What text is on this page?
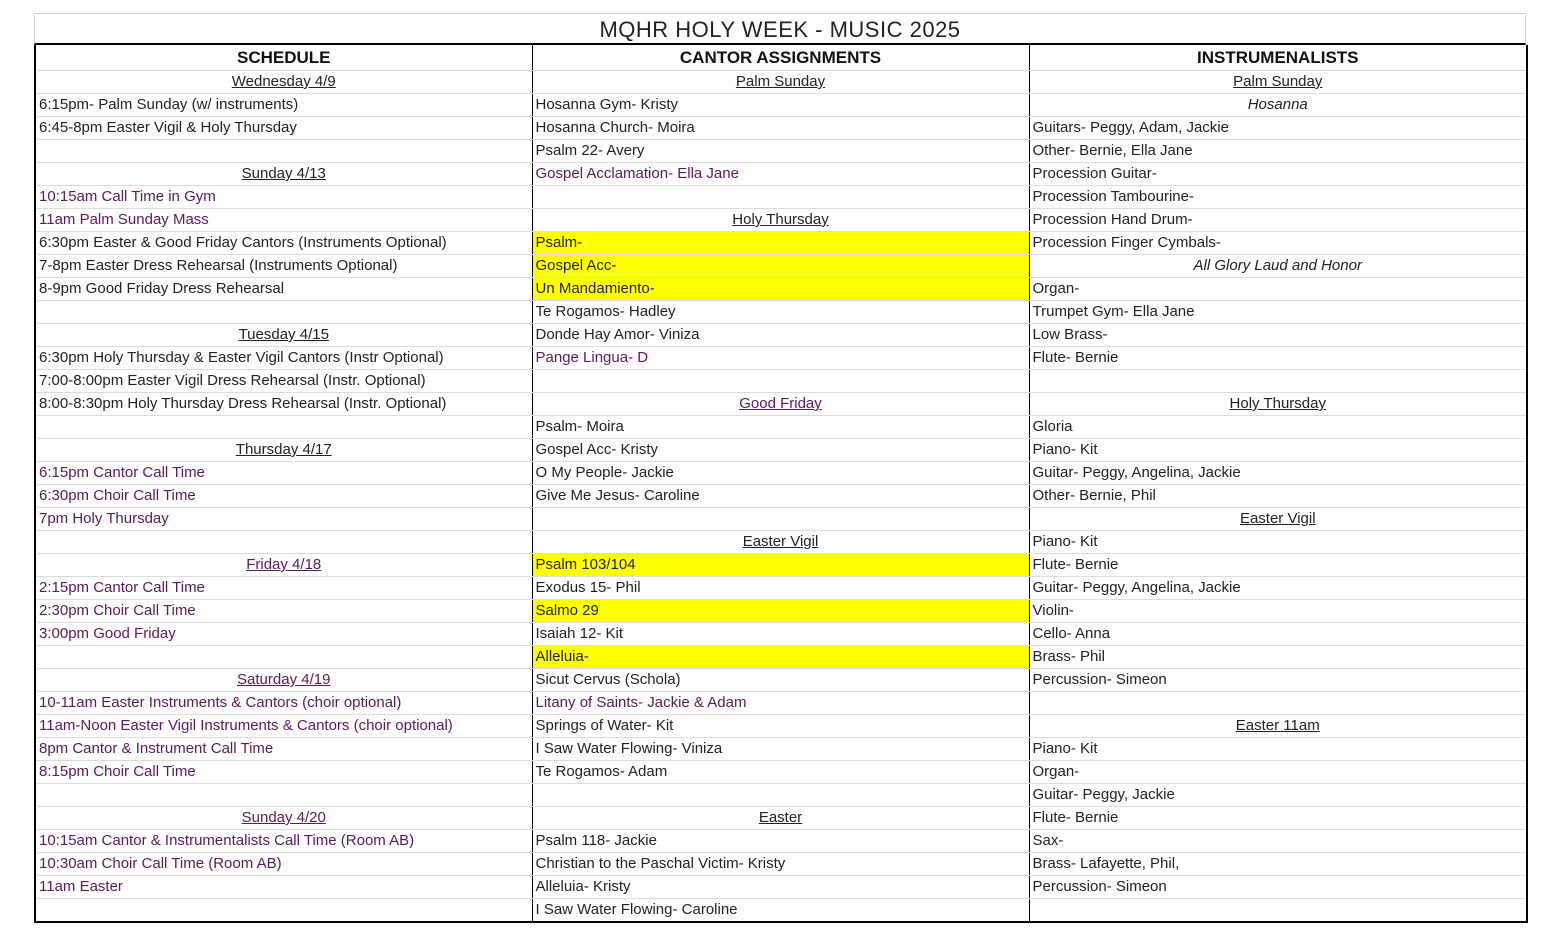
MQHR HOLY WEEK - MUSIC 2025
SCHEDULE	CANTOR ASSIGNMENTS	INSTRUMENALISTS
Wednesday 4/9	Palm Sunday	Palm Sunday
6:15pm- Palm Sunday (w/ instruments)	Hosanna Gym- Kristy	Hosanna
6:45-8pm Easter Vigil & Holy Thursday	Hosanna Church- Moira	Guitars- Peggy, Adam, Jackie
	Psalm 22- Avery	Other- Bernie, Ella Jane
Sunday 4/13	Gospel Acclamation- Ella Jane	Procession Guitar-
10:15am Call Time in Gym		Procession Tambourine-
11am Palm Sunday Mass	Holy Thursday	Procession Hand Drum-
6:30pm Easter & Good Friday Cantors (Instruments Optional)	Psalm-	Procession Finger Cymbals-
7-8pm Easter Dress Rehearsal (Instruments Optional)	Gospel Acc-	All Glory Laud and Honor
8-9pm Good Friday Dress Rehearsal	Un Mandamiento-	Organ-
	Te Rogamos- Hadley	Trumpet Gym- Ella Jane
Tuesday 4/15	Donde Hay Amor- Viniza	Low Brass-
6:30pm Holy Thursday & Easter Vigil Cantors (Instr Optional)	Pange Lingua- D	Flute- Bernie
7:00-8:00pm Easter Vigil Dress Rehearsal (Instr. Optional)		
8:00-8:30pm Holy Thursday Dress Rehearsal (Instr. Optional)	Good Friday	Holy Thursday
	Psalm- Moira	Gloria
Thursday 4/17	Gospel Acc- Kristy	Piano- Kit
6:15pm Cantor Call Time	O My People- Jackie	Guitar- Peggy, Angelina, Jackie
6:30pm Choir Call Time	Give Me Jesus- Caroline	Other- Bernie, Phil
7pm Holy Thursday		Easter Vigil
	Easter Vigil	Piano- Kit
Friday 4/18	Psalm 103/104	Flute- Bernie
2:15pm Cantor Call Time	Exodus 15- Phil	Guitar- Peggy, Angelina, Jackie
2:30pm Choir Call Time	Salmo 29	Violin-
3:00pm Good Friday	Isaiah 12- Kit	Cello- Anna
	Alleluia-	Brass- Phil
Saturday 4/19	Sicut Cervus (Schola)	Percussion- Simeon
10-11am Easter Instruments & Cantors (choir optional)	Litany of Saints- Jackie & Adam	
11am-Noon Easter Vigil Instruments & Cantors (choir optional)	Springs of Water- Kit	Easter 11am
8pm Cantor & Instrument Call Time	I Saw Water Flowing- Viniza	Piano- Kit
8:15pm Choir Call Time	Te Rogamos- Adam	Organ-
		Guitar- Peggy, Jackie
Sunday 4/20	Easter	Flute- Bernie
10:15am Cantor & Instrumentalists Call Time (Room AB)	Psalm 118- Jackie	Sax-
10:30am Choir Call Time (Room AB)	Christian to the Paschal Victim- Kristy	Brass- Lafayette, Phil,
11am Easter	Alleluia- Kristy	Percussion- Simeon
	I Saw Water Flowing- Caroline	
